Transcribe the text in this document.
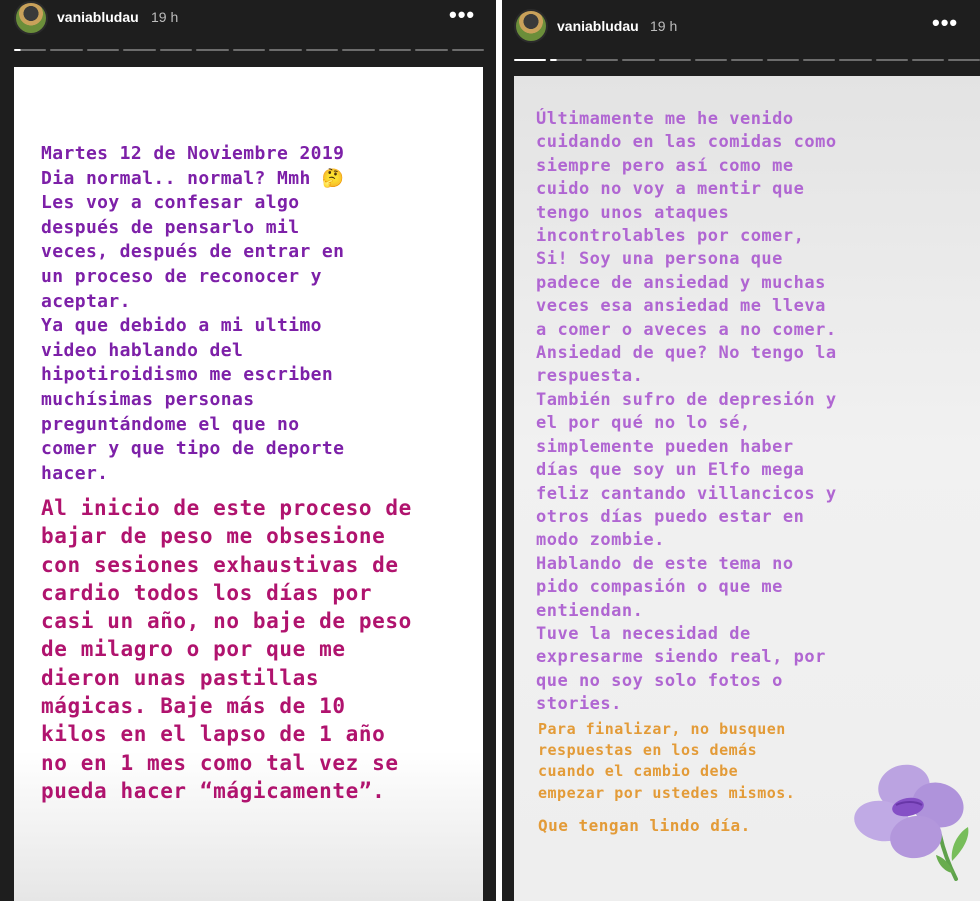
vaniabludau 19 h	•••
Martes 12 de Noviembre 2019
Dia normal.. normal? Mmh 🤔
Les voy a confesar algo
después de pensarlo mil
veces, después de entrar en
un proceso de reconocer y
aceptar.
Ya que debido a mi ultimo
video hablando del
hipotiroidismo me escriben
muchísimas personas
preguntándome el que no
comer y que tipo de deporte
hacer.
Al inicio de este proceso de
bajar de peso me obsesione
con sesiones exhaustivas de
cardio todos los días por
casi un año, no baje de peso
de milagro o por que me
dieron unas pastillas
mágicas. Baje más de 10
kilos en el lapso de 1 año
no en 1 mes como tal vez se
pueda hacer “mágicamente”.
vaniabludau 19 h	•••
Últimamente me he venido
cuidando en las comidas como
siempre pero así como me
cuido no voy a mentir que
tengo unos ataques
incontrolables por comer,
Si! Soy una persona que
padece de ansiedad y muchas
veces esa ansiedad me lleva
a comer o aveces a no comer.
Ansiedad de que? No tengo la
respuesta.
También sufro de depresión y
el por qué no lo sé,
simplemente pueden haber
días que soy un Elfo mega
feliz cantando villancicos y
otros días puedo estar en
modo zombie.
Hablando de este tema no
pido compasión o que me
entiendan.
Tuve la necesidad de
expresarme siendo real, por
que no soy solo fotos o
stories.
Para finalizar, no busquen
respuestas en los demás
cuando el cambio debe
empezar por ustedes mismos.
Que tengan lindo día.
